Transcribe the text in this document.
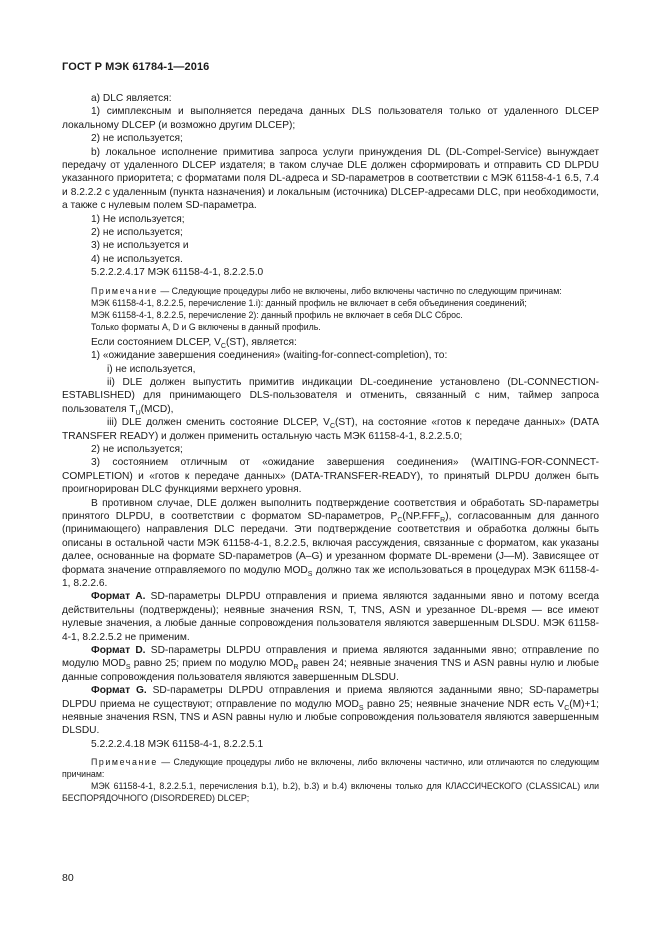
ГОСТ Р МЭК 61784-1—2016

a) DLC является:

1) симплексным и выполняется передача данных DLS пользователя только от удаленного DLCEP локальному DLCEP (и возможно другим DLCEP);

2) не используется;

b) локальное исполнение примитива запроса услуги принуждения DL (DL-Compel-Service) вынуждает передачу от удаленного DLCEP издателя; в таком случае DLE должен сформировать и отправить CD DLPDU указанного приоритета; с форматами поля DL-адреса и SD-параметров в соответствии с МЭК 61158-4-1 6.5, 7.4 и 8.2.2.2 с удаленным (пункта назначения) и локальным (источника) DLCEP-адресами DLC, при необходимости, а также с нулевым полем SD-параметра.

1) Не используется;

2) не используется;

3) не используется и

4) не используется.

5.2.2.2.4.17 МЭК 61158-4-1, 8.2.2.5.0

Примечание — Следующие процедуры либо не включены, либо включены частично по следующим причинам:

МЭК 61158-4-1, 8.2.2.5, перечисление 1.i): данный профиль не включает в себя объединения соединений;

МЭК 61158-4-1, 8.2.2.5, перечисление 2): данный профиль не включает в себя DLC Сброс.

Только форматы A, D и G включены в данный профиль.

Если состоянием DLCEP, $V_C(ST)$, является:

1) «ожидание завершения соединения» (waiting-for-connect-completion), то:

i) не используется,

ii) DLE должен выпустить примитив индикации DL-соединение установлено (DL-CONNECTION-ESTABLISHED) для принимающего DLS-пользователя и отменить, связанный с ним, таймер запроса пользователя $T_U(MCD)$,

iii) DLE должен сменить состояние DLCEP, $V_C(ST)$, на состояние «готов к передаче данных» (DATA TRANSFER READY) и должен применить остальную часть МЭК 61158-4-1, 8.2.2.5.0;

2) не используется;

3) состоянием отличным от «ожидание завершения соединения» (WAITING-FOR-CONNECT-COMPLETION) и «готов к передаче данных» (DATA-TRANSFER-READY), то принятый DLPDU должен быть проигнорирован DLC функциями верхнего уровня.

В противном случае, DLE должен выполнить подтверждение соответствия и обработать SD-параметры принятого DLPDU, в соответствии с форматом SD-параметров, $P_C(NP.FFF_R)$, согласованным для данного (принимающего) направления DLC передачи. Эти подтверждение соответствия и обработка должны быть описаны в остальной части МЭК 61158-4-1, 8.2.2.5, включая рассуждения, связанные с форматом, как указаны далее, основанные на формате SD-параметров (A–G) и урезанном формате DL-времени (J—M). Зависящее от формата значение отправляемого по модулю $MOD_S$ должно так же использоваться в процедурах МЭК 61158-4-1, 8.2.2.6.

Формат A. SD-параметры DLPDU отправления и приема являются заданными явно и потому всегда действительны (подтверждены); неявные значения RSN, T, TNS, ASN и урезанное DL-время — все имеют нулевые значения, а любые данные сопровождения пользователя являются завершенным DLSDU. МЭК 61158-4-1, 8.2.2.5.2 не применим.

Формат D. SD-параметры DLPDU отправления и приема являются заданными явно; отправление по модулю $MOD_S$ равно 25; прием по модулю $MOD_R$ равен 24; неявные значения TNS и ASN равны нулю и любые данные сопровождения пользователя являются завершенным DLSDU.

Формат G. SD-параметры DLPDU отправления и приема являются заданными явно; SD-параметры DLPDU приема не существуют; отправление по модулю $MOD_S$ равно 25; неявные значение NDR есть $V_C(M)+1$; неявные значения RSN, TNS и ASN равны нулю и любые сопровождения пользователя являются завершенным DLSDU.

5.2.2.2.4.18 МЭК 61158-4-1, 8.2.2.5.1

Примечание — Следующие процедуры либо не включены, либо включены частично, или отличаются по следующим причинам:

МЭК 61158-4-1, 8.2.2.5.1, перечисления b.1), b.2), b.3) и b.4) включены только для КЛАССИЧЕСКОГО (CLASSICAL) или БЕСПОРЯДОЧНОГО (DISORDERED) DLCEP;

80
